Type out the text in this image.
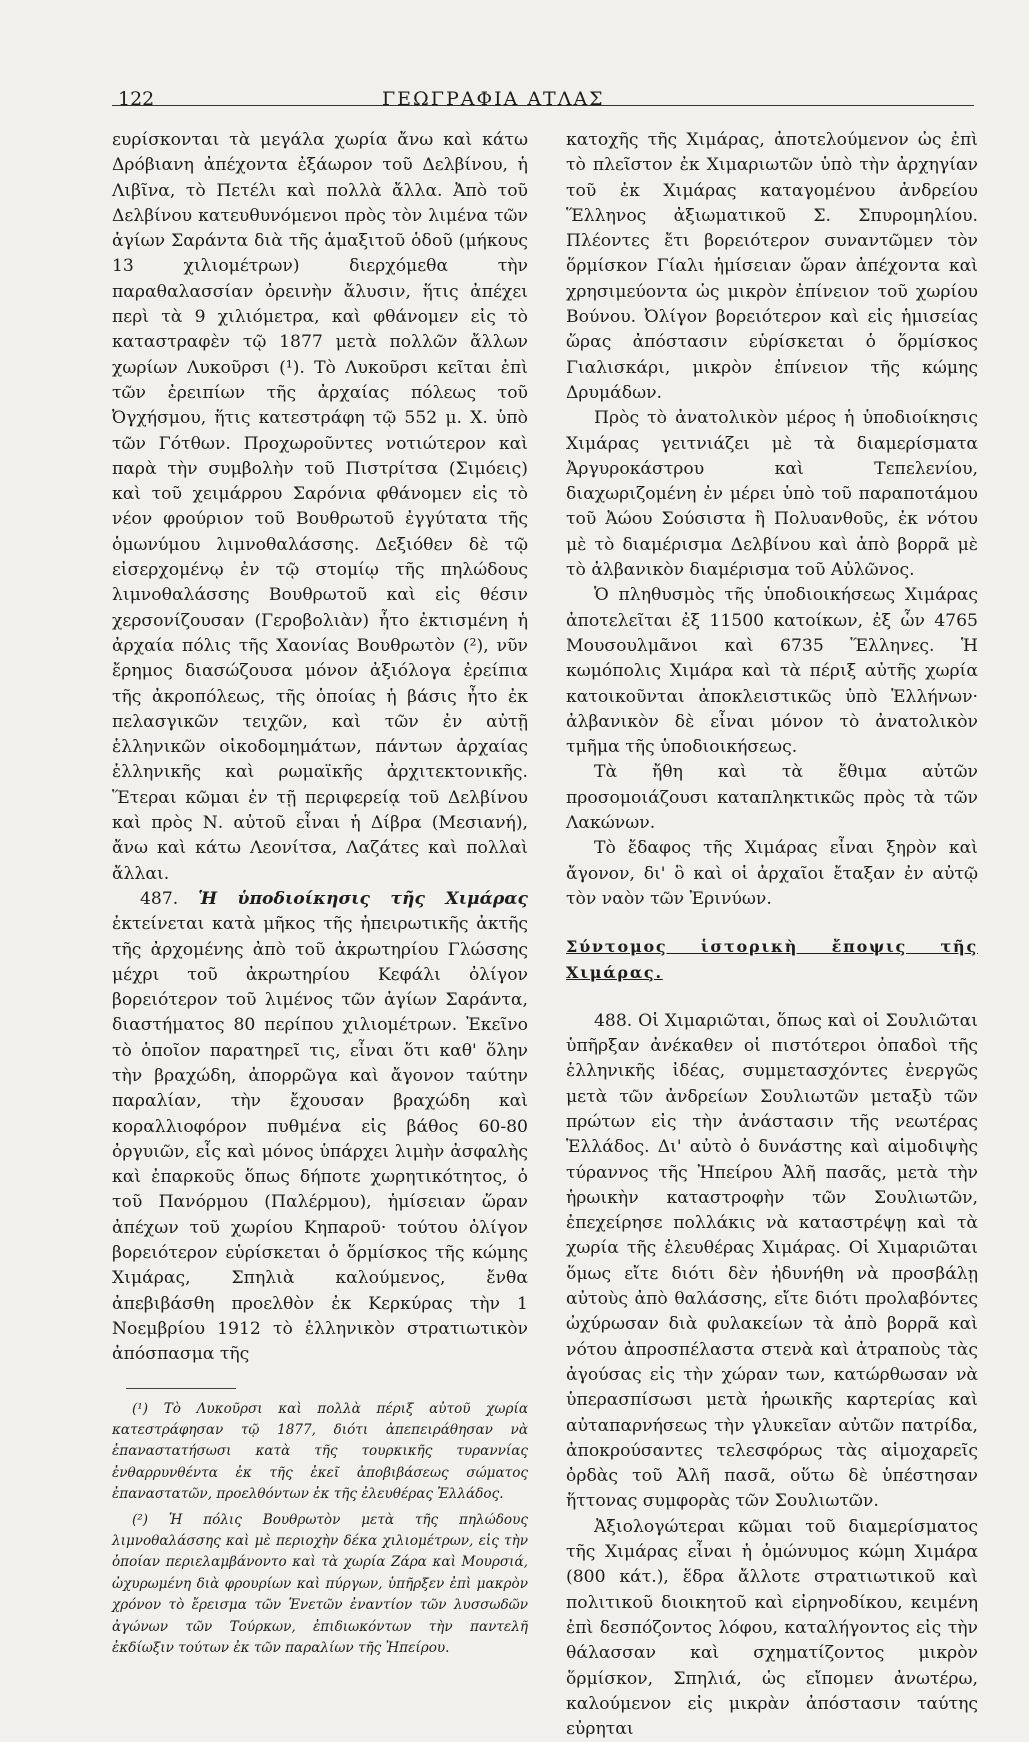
122	ΓΕΩΓΡΑΦΙΑ ΑΤΛΑΣ

ευρίσκονται τὰ μεγάλα χωρία ἄνω καὶ κάτω Δρόβιανη ἀπέχοντα ἐξάωρον τοῦ Δελβίνου, ἡ Λιβῖνα, τὸ Πετέλι καὶ πολλὰ ἄλλα. Ἀπὸ τοῦ Δελβίνου κατευθυνόμενοι πρὸς τὸν λιμένα τῶν ἁγίων Σαράντα διὰ τῆς ἁμαξιτοῦ ὁδοῦ (μήκους 13 χιλιομέτρων) διερχόμεθα τὴν παραθαλασσίαν ὀρεινὴν ἄλυσιν, ἥτις ἀπέχει περὶ τὰ 9 χιλιόμετρα, καὶ φθάνομεν εἰς τὸ καταστραφὲν τῷ 1877 μετὰ πολλῶν ἄλλων χωρίων Λυκοῦρσι (¹). Τὸ Λυκοῦρσι κεῖται ἐπὶ τῶν ἐρειπίων τῆς ἀρχαίας πόλεως τοῦ Ὀγχήσμου, ἥτις κατεστράφη τῷ 552 μ. Χ. ὑπὸ τῶν Γότθων. Προχωροῦντες νοτιώτερον καὶ παρὰ τὴν συμβολὴν τοῦ Πιστρίτσα (Σιμόεις) καὶ τοῦ χειμάρρου Σαρόνια φθάνομεν εἰς τὸ νέον φρούριον τοῦ Βουθρωτοῦ ἐγγύτατα τῆς ὁμωνύμου λιμνοθαλάσσης. Δεξιόθεν δὲ τῷ εἰσερχομένῳ ἐν τῷ στομίῳ τῆς πηλώδους λιμνοθαλάσσης Βουθρωτοῦ καὶ εἰς θέσιν χερσονίζουσαν (Γεροβολιὰν) ἦτο ἐκτισμένη ἡ ἀρχαία πόλις τῆς Χαονίας Βουθρωτὸν (²), νῦν ἔρημος διασώζουσα μόνον ἀξιόλογα ἐρείπια τῆς ἀκροπόλεως, τῆς ὁποίας ἡ βάσις ἦτο ἐκ πελασγικῶν τειχῶν, καὶ τῶν ἐν αὐτῇ ἑλληνικῶν οἰκοδομημάτων, πάντων ἀρχαίας ἑλληνικῆς καὶ ρωμαϊκῆς ἀρχιτεκτονικῆς. Ἕτεραι κῶμαι ἐν τῇ περιφερείᾳ τοῦ Δελβίνου καὶ πρὸς Ν. αὐτοῦ εἶναι ἡ Δίβρα (Μεσιανή), ἄνω καὶ κάτω Λεονίτσα, Λαζάτες καὶ πολλαὶ ἄλλαι.

487. Ἡ ὑποδιοίκησις τῆς Χιμάρας ἐκτείνεται κατὰ μῆκος τῆς ἠπειρωτικῆς ἀκτῆς τῆς ἀρχομένης ἀπὸ τοῦ ἀκρωτηρίου Γλώσσης μέχρι τοῦ ἀκρωτηρίου Κεφάλι ὀλίγον βορειότερον τοῦ λιμένος τῶν ἁγίων Σαράντα, διαστήματος 80 περίπου χιλιομέτρων. Ἐκεῖνο τὸ ὁποῖον παρατηρεῖ τις, εἶναι ὅτι καθ' ὅλην τὴν βραχώδη, ἀπορρῶγα καὶ ἄγονον ταύτην παραλίαν, τὴν ἔχουσαν βραχώδη καὶ κοραλλιοφόρον πυθμένα εἰς βάθος 60-80 ὀργυιῶν, εἷς καὶ μόνος ὑπάρχει λιμὴν ἀσφαλὴς καὶ ἐπαρκοῦς ὅπως δήποτε χωρητικότητος, ὁ τοῦ Πανόρμου (Παλέρμου), ἡμίσειαν ὥραν ἀπέχων τοῦ χωρίου Κηπαροῦ· τούτου ὀλίγον βορειότερον εὑρίσκεται ὁ ὅρμίσκος τῆς κώμης Χιμάρας, Σπηλιὰ καλούμενος, ἔνθα ἀπεβιβάσθη προελθὸν ἐκ Κερκύρας τὴν 1 Νοεμβρίου 1912 τὸ ἑλληνικὸν στρατιωτικὸν ἀπόσπασμα τῆς

(¹) Τὸ Λυκοῦρσι καὶ πολλὰ πέριξ αὐτοῦ χωρία κατεστράφησαν τῷ 1877, διότι ἀπεπειράθησαν νὰ ἐπαναστατήσωσι κατὰ τῆς τουρκικῆς τυραννίας ἐνθαρρυνθέντα ἐκ τῆς ἐκεῖ ἀποβιβάσεως σώματος ἐπαναστατῶν, προελθόντων ἐκ τῆς ἐλευθέρας Ἑλλάδος.

(²) Ἡ πόλις Βουθρωτὸν μετὰ τῆς πηλώδους λιμνοθαλάσσης καὶ μὲ περιοχὴν δέκα χιλιομέτρων, εἰς τὴν ὁποίαν περιελαμβάνοντο καὶ τὰ χωρία Ζάρα καὶ Μουρσιά, ὠχυρωμένη διὰ φρουρίων καὶ πύργων, ὑπῆρξεν ἐπὶ μακρὸν χρόνον τὸ ἔρεισμα τῶν Ἑνετῶν ἐναντίον τῶν λυσσωδῶν ἀγώνων τῶν Τούρκων, ἐπιδιωκόντων τὴν παντελῆ ἐκδίωξιν τούτων ἐκ τῶν παραλίων τῆς Ἠπείρου.

κατοχῆς τῆς Χιμάρας, ἀποτελούμενον ὡς ἐπὶ τὸ πλεῖστον ἐκ Χιμαριωτῶν ὑπὸ τὴν ἀρχηγίαν τοῦ ἐκ Χιμάρας καταγομένου ἀνδρείου Ἕλληνος ἀξιωματικοῦ Σ. Σπυρομηλίου. Πλέοντες ἔτι βορειότερον συναντῶμεν τὸν ὅρμίσκον Γίαλι ἡμίσειαν ὥραν ἀπέχοντα καὶ χρησιμεύοντα ὡς μικρὸν ἐπίνειον τοῦ χωρίου Βούνου. Ὀλίγον βορειότερον καὶ εἰς ἡμισείας ὥρας ἀπόστασιν εὑρίσκεται ὁ ὅρμίσκος Γιαλισκάρι, μικρὸν ἐπίνειον τῆς κώμης Δρυμάδων.

Πρὸς τὸ ἀνατολικὸν μέρος ἡ ὑποδιοίκησις Χιμάρας γειτνιάζει μὲ τὰ διαμερίσματα Ἀργυροκάστρου καὶ Τεπελενίου, διαχωριζομένη ἐν μέρει ὑπὸ τοῦ παραποτάμου τοῦ Ἀώου Σούσιστα ἢ Πολυανθοῦς, ἐκ νότου μὲ τὸ διαμέρισμα Δελβίνου καὶ ἀπὸ βορρᾶ μὲ τὸ ἀλβανικὸν διαμέρισμα τοῦ Αὐλῶνος.

Ὁ πληθυσμὸς τῆς ὑποδιοικήσεως Χιμάρας ἀποτελεῖται ἐξ 11500 κατοίκων, ἐξ ὧν 4765 Μουσουλμᾶνοι καὶ 6735 Ἕλληνες. Ἡ κωμόπολις Χιμάρα καὶ τὰ πέριξ αὐτῆς χωρία κατοικοῦνται ἀποκλειστικῶς ὑπὸ Ἑλλήνων· ἀλβανικὸν δὲ εἶναι μόνον τὸ ἀνατολικὸν τμῆμα τῆς ὑποδιοικήσεως.

Τὰ ἤθη καὶ τὰ ἔθιμα αὐτῶν προσομοιάζουσι καταπληκτικῶς πρὸς τὰ τῶν Λακώνων.

Τὸ ἔδαφος τῆς Χιμάρας εἶναι ξηρὸν καὶ ἄγονον, δι' ὃ καὶ οἱ ἀρχαῖοι ἔταξαν ἐν αὐτῷ τὸν ναὸν τῶν Ἐρινύων.

Σύντομος ἱστορικὴ ἔποψις τῆς Χιμάρας.

488. Οἱ Χιμαριῶται, ὅπως καὶ οἱ Σουλιῶται ὑπῆρξαν ἀνέκαθεν οἱ πιστότεροι ὀπαδοὶ τῆς ἑλληνικῆς ἰδέας, συμμετασχόντες ἐνεργῶς μετὰ τῶν ἀνδρείων Σουλιωτῶν μεταξὺ τῶν πρώτων εἰς τὴν ἀνάστασιν τῆς νεωτέρας Ἑλλάδος. Δι' αὐτὸ ὁ δυνάστης καὶ αἱμοδιψὴς τύραννος τῆς Ἠπείρου Ἀλῆ πασᾶς, μετὰ τὴν ἡρωικὴν καταστροφὴν τῶν Σουλιωτῶν, ἐπεχείρησε πολλάκις νὰ καταστρέψῃ καὶ τὰ χωρία τῆς ἐλευθέρας Χιμάρας. Οἱ Χιμαριῶται ὅμως εἴτε διότι δὲν ἠδυνήθη νὰ προσβάλῃ αὐτοὺς ἀπὸ θαλάσσης, εἴτε διότι προλαβόντες ὠχύρωσαν διὰ φυλακείων τὰ ἀπὸ βορρᾶ καὶ νότου ἀπροσπέλαστα στενὰ καὶ ἀτραποὺς τὰς ἀγούσας εἰς τὴν χώραν των, κατώρθωσαν νὰ ὑπερασπίσωσι μετὰ ἡρωικῆς καρτερίας καὶ αὐταπαρνήσεως τὴν γλυκεῖαν αὐτῶν πατρίδα, ἀποκρούσαντες τελεσφόρως τὰς αἱμοχαρεῖς ὀρδὰς τοῦ Ἀλῆ πασᾶ, οὕτω δὲ ὑπέστησαν ἥττονας συμφορὰς τῶν Σουλιωτῶν.

Ἀξιολογώτεραι κῶμαι τοῦ διαμερίσματος τῆς Χιμάρας εἶναι ἡ ὁμώνυμος κώμη Χιμάρα (800 κάτ.), ἕδρα ἄλλοτε στρατιωτικοῦ καὶ πολιτικοῦ διοικητοῦ καὶ εἰρηνοδίκου, κειμένη ἐπὶ δεσπόζοντος λόφου, καταλήγοντος εἰς τὴν θάλασσαν καὶ σχηματίζοντος μικρὸν ὅρμίσκον, Σπηλιά, ὡς εἴπομεν ἀνωτέρω, καλούμενον εἰς μικρὰν ἀπόστασιν ταύτης εὐρηται
